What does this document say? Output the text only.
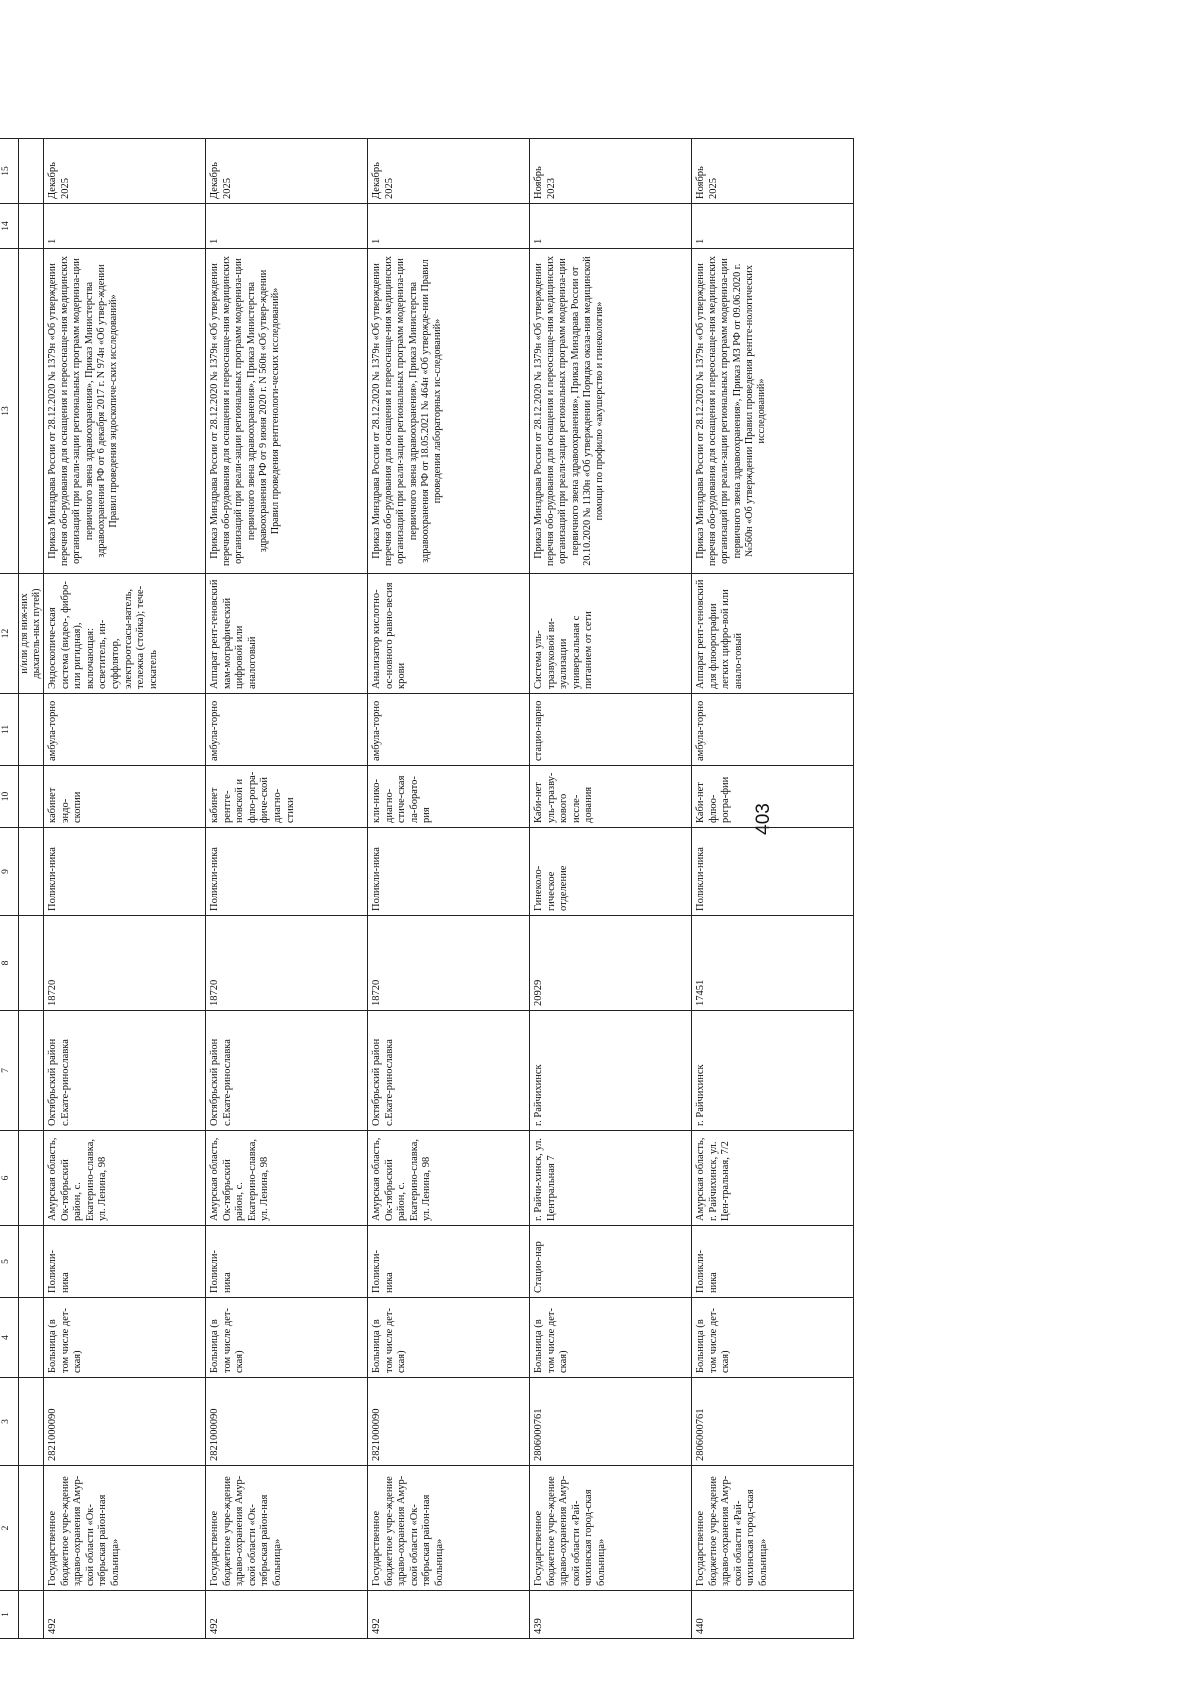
403
1	2	3	4	5	6	7	8	9	10	11	12	13	14	15
											и/или для ниж-них дыхатель-ных путей)			
492	Государственное бюджетное учре-ждение здраво-охранения Амур-ской области «Ок-тябрьская район-ная больница»	2821000090	Больница (в том числе дет-ская)	Поликли-ника	Амурская область, Ок-тябрьский район, с. Екатерино-славка, ул. Ленина, 98	Октябрьский район с.Екате-ринославка	18720	Поликли-ника	кабинет эндо-скопии	амбула-торно	Эндоскопиче-ская система (видео-, фибро- или ригидная), включающая: осветитель, ин-суффлятор, электроотсасы-ватель, тележка (стойка); тече-искатель	Приказ Минздрава России от 28.12.2020 № 1379н «Об утверждении перечня обо-рудования для оснащения и переоснаще-ния медицинских организаций при реали-зации региональных программ модерниза-ции первичного звена здравоохранения», Приказ Министерства здравоохранения РФ от 6 декабря 2017 г. N 974н «Об утвер-ждении Правил проведения эндоскопиче-ских исследований»	1	Декабрь 2025
492	Государственное бюджетное учре-ждение здраво-охранения Амур-ской области «Ок-тябрьская район-ная больница»	2821000090	Больница (в том числе дет-ская)	Поликли-ника	Амурская область, Ок-тябрьский район, с. Екатерино-славка, ул. Ленина, 98	Октябрьский район с.Екате-ринославка	18720	Поликли-ника	кабинет рентге-новской и флю-рогра-фиче-ской диагно-стики	амбула-торно	Аппарат рент-геновский мам-мографический цифровой или аналоговый	Приказ Минздрава России от 28.12.2020 № 1379н «Об утверждении перечня обо-рудования для оснащения и переоснаще-ния медицинских организаций при реали-зации региональных программ модерниза-ции первичного звена здравоохранения», Приказ Министерства здравоохранения РФ от 9 июня 2020 г. N 560н «Об утвер-ждении Правил проведения рентгенологи-ческих исследований»	1	Декабрь 2025
492	Государственное бюджетное учре-ждение здраво-охранения Амур-ской области «Ок-тябрьская район-ная больница»	2821000090	Больница (в том числе дет-ская)	Поликли-ника	Амурская область, Ок-тябрьский район, с. Екатерино-славка, ул. Ленина, 98	Октябрьский район с.Екате-ринославка	18720	Поликли-ника	кли-нико-диагно-стиче-ская ла-борато-рия	амбула-торно	Анализатор кислотно-ос-новного равно-весия крови	Приказ Минздрава России от 28.12.2020 № 1379н «Об утверждении перечня обо-рудования для оснащения и переоснаще-ния медицинских организаций при реали-зации региональных программ модерниза-ции первичного звена здравоохранения», Приказ Министерства здравоохранения РФ от 18.05.2021 № 464н «Об утвержде-нии Правил проведения лабораторных ис-следований»	1	Декабрь 2025
439	Государственное бюджетное учре-ждение здраво-охранения Амур-ской области «Рай-чихинская город-ская больница»	2806000761	Больница (в том числе дет-ская)	Стацио-нар	г. Райчи-хинск, ул. Центральная 7	г. Райчихинск	20929	Гинеколо-гическое отделение	Каби-нет уль-тразву-кового иссле-дования	стацио-нарно	Система уль-тразвуковой ви-зуализации универсальная с питанием от сети	Приказ Минздрава России от 28.12.2020 № 1379н «Об утверждении перечня обо-рудования для оснащения и переоснаще-ния медицинских организаций при реали-зации региональных программ модерниза-ции первичного звена здравоохранения», Приказ Минздрава России от 20.10.2020 № 1130н «Об утверждении Порядка оказа-ния медицинской помощи по профилю «акушерство и гинекология»	1	Ноябрь 2023
440	Государственное бюджетное учре-ждение здраво-охранения Амур-ской области «Рай-чихинская город-ская больница»	2806000761	Больница (в том числе дет-ская)	Поликли-ника	Амурская область, г. Райчихинск, ул. Цен-тральная, 7/2	г. Райчихинск	17451	Поликли-ника	Каби-нет флюо-рогра-фии	амбула-торно	Аппарат рент-геновский для флюорографии легких цифро-вой или анало-говый	Приказ Минздрава России от 28.12.2020 № 1379н «Об утверждении перечня обо-рудования для оснащения и переоснаще-ния медицинских организаций при реали-зации региональных программ модерниза-ции первичного звена здравоохранения», Приказ МЗ РФ от 09.06.2020 г. №560н «Об утверждении Правил проведения рентге-нологических исследований»	1	Ноябрь 2025
